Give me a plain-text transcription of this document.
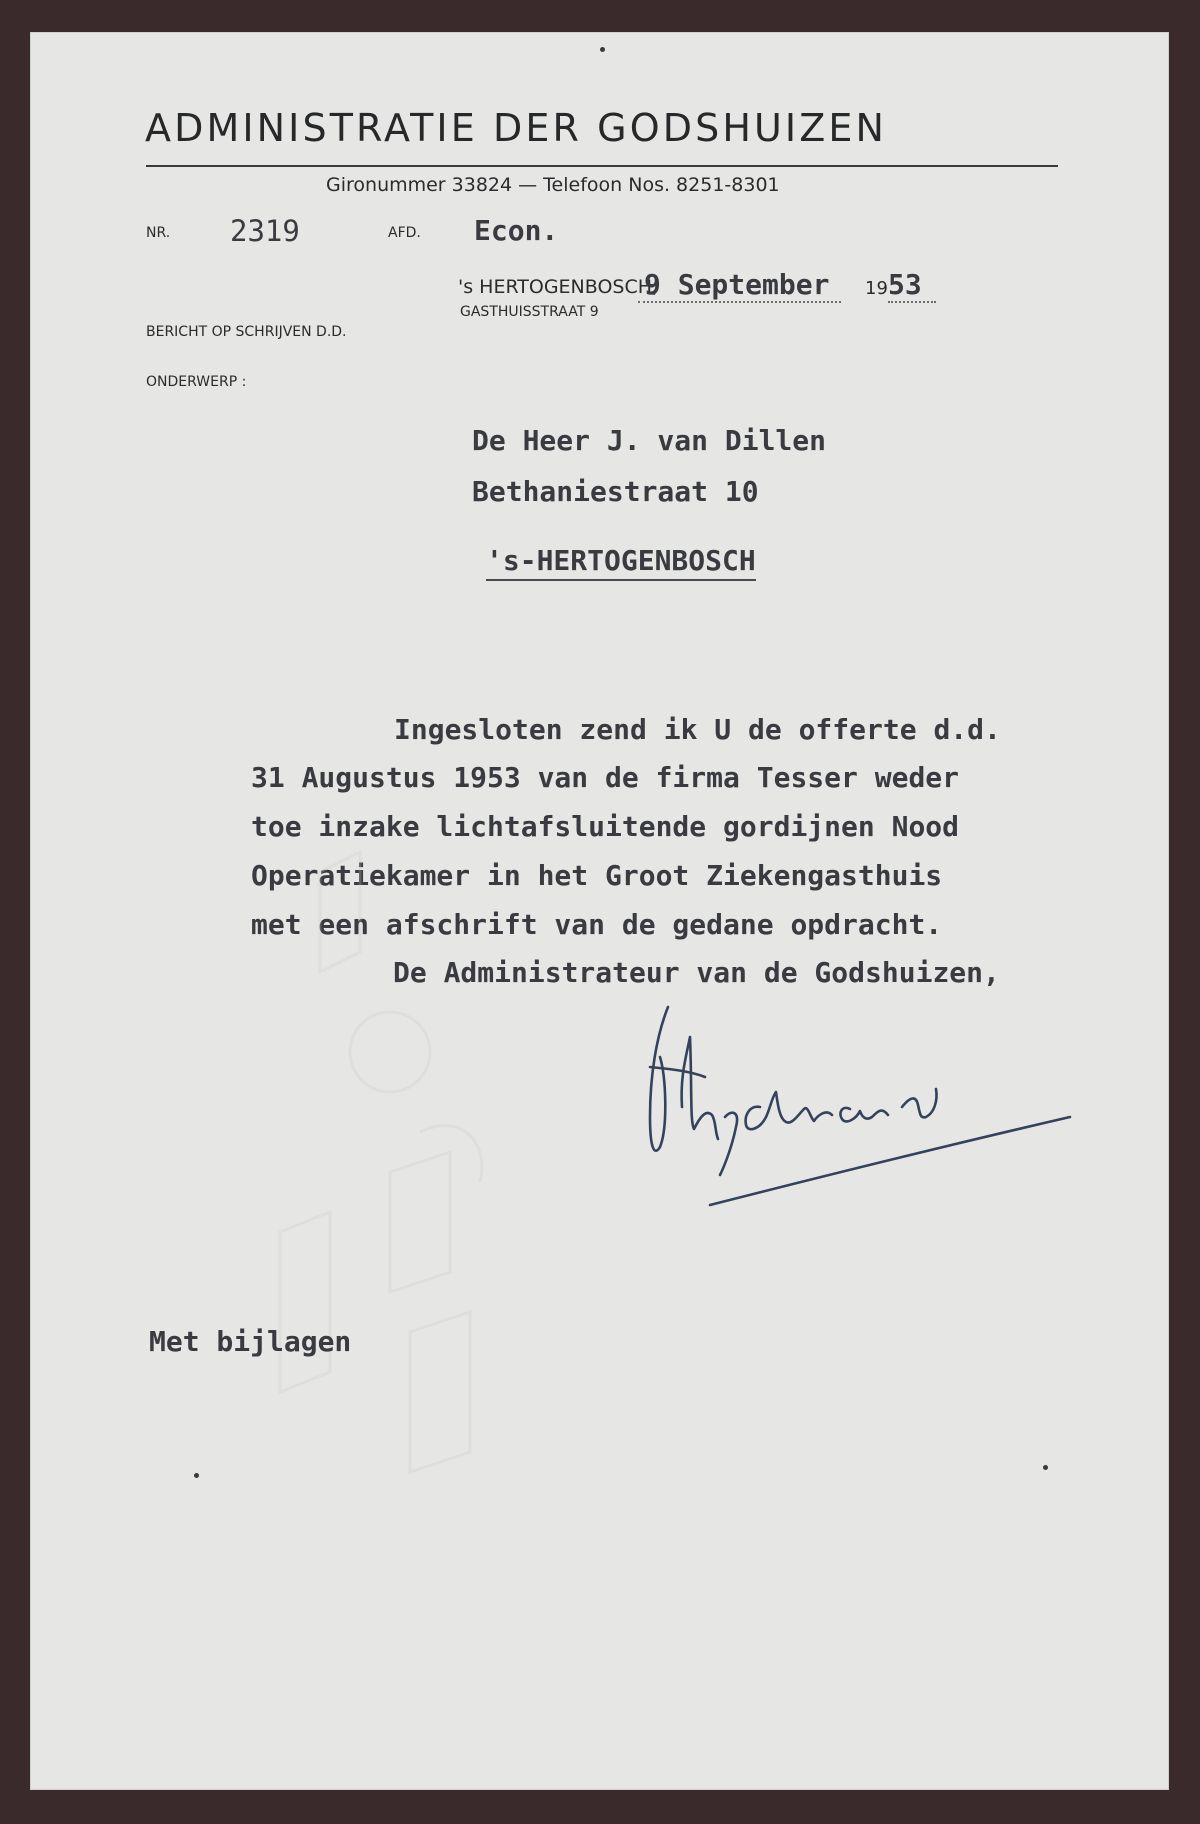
ADMINISTRATIE DER GODSHUIZEN
Gironummer 33824 — Telefoon Nos. 8251-8301
NR. 2319	AFD. Econ.
's HERTOGENBOSCH,
9 September	19 53
GASTHUISSTRAAT 9
BERICHT OP SCHRIJVEN D.D.
ONDERWERP :
De Heer J. van Dillen
Bethaniestraat 10
's-HERTOGENBOSCH
Ingesloten zend ik U de offerte d.d.
31 Augustus 1953 van de firma Tesser weder
toe inzake lichtafsluitende gordijnen Nood
Operatiekamer in het Groot Ziekengasthuis
met een afschrift van de gedane opdracht.
De Administrateur van de Godshuizen,
Met bijlagen
